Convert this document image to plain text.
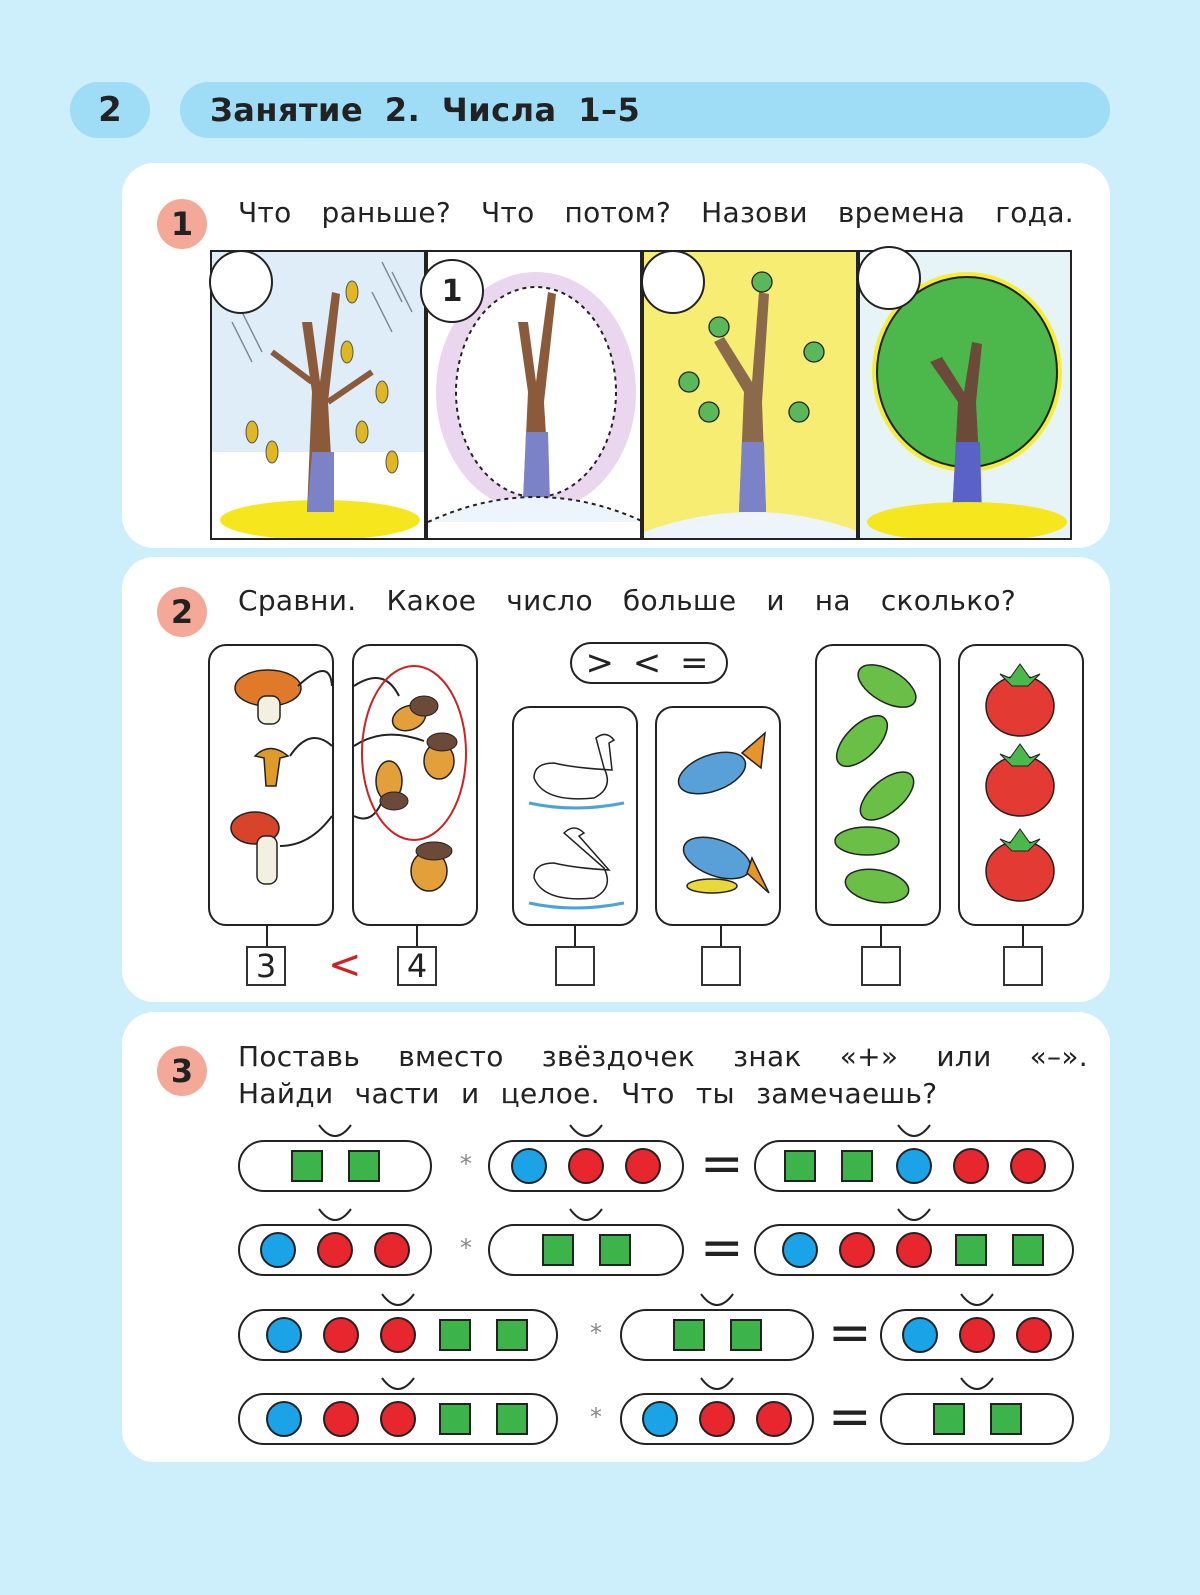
2	Занятие 2. Числа 1–5
1	Что раньше? Что потом? Назови времена года.
1
2	Сравни. Какое число больше и на сколько?
> < =
3 <	4
3	Поставь вместо звёздочек знак «+» или «–».
Найди части и целое. Что ты замечаешь?
*	=
*	=
*	=
*	=
